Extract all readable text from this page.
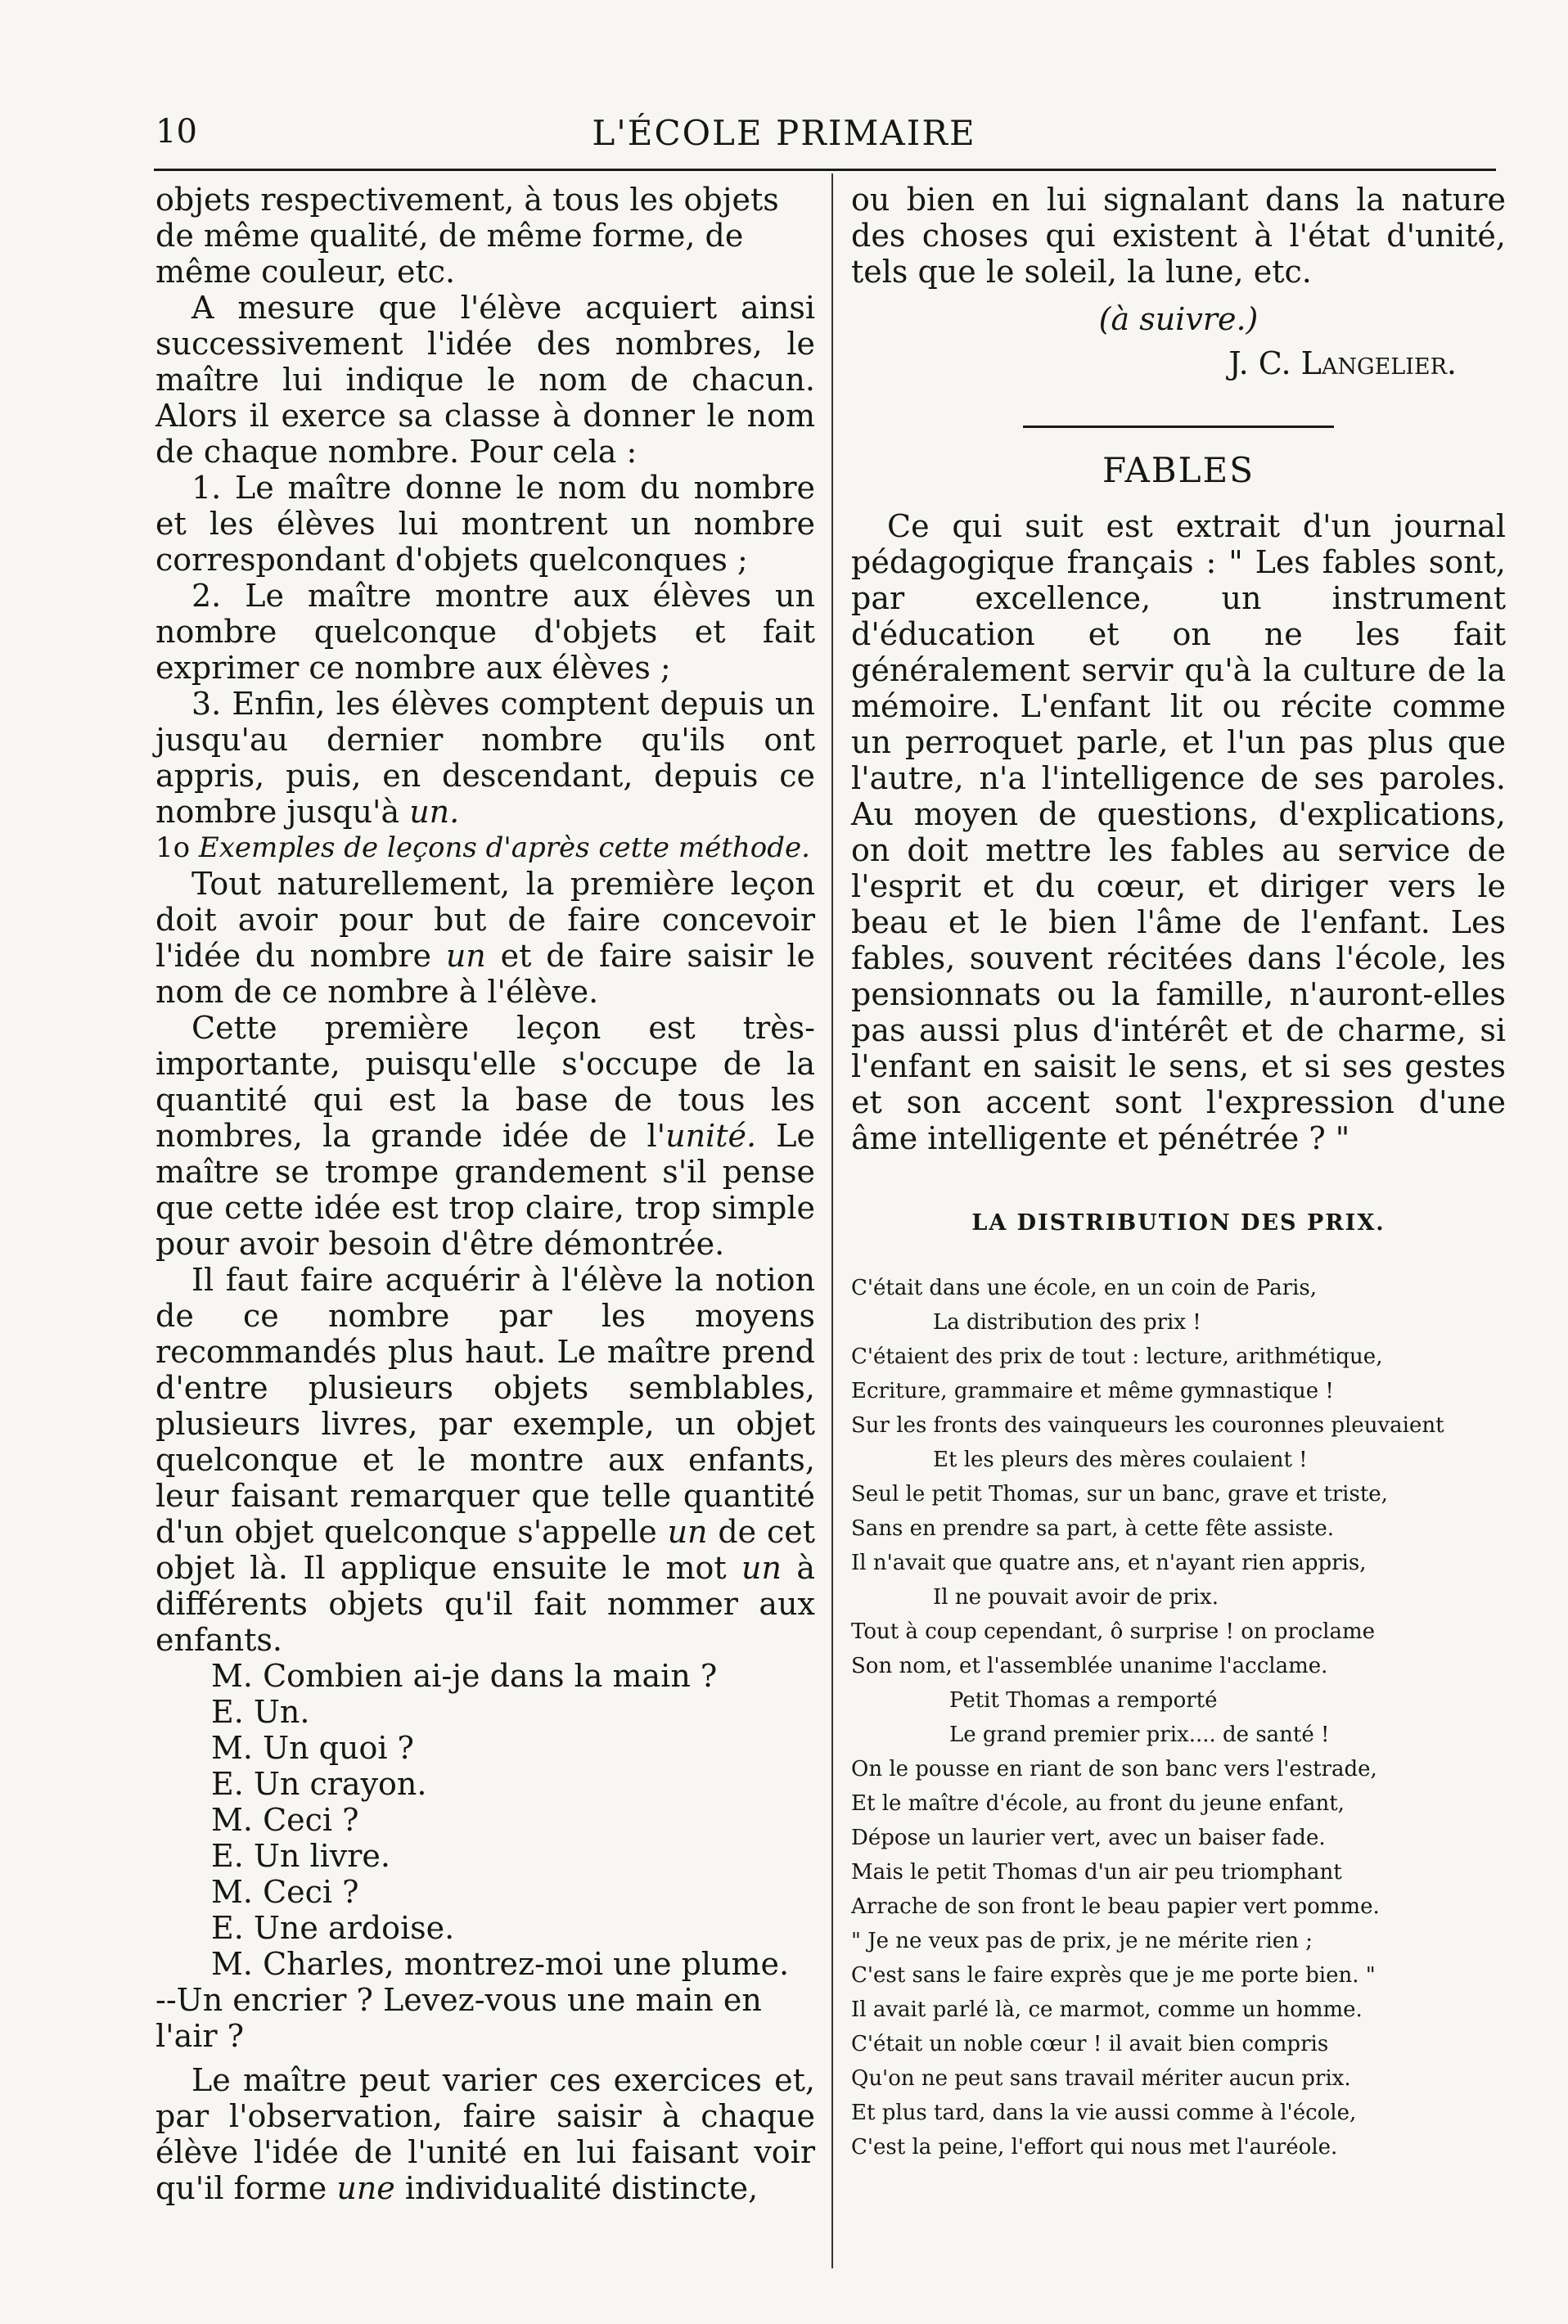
10	L'ÉCOLE PRIMAIRE

objets respectivement, à tous les objets de même qualité, de même forme, de même couleur, etc.

A mesure que l'élève acquiert ainsi successivement l'idée des nombres, le maître lui indique le nom de chacun. Alors il exerce sa classe à donner le nom de chaque nombre. Pour cela :

1. Le maître donne le nom du nombre et les élèves lui montrent un nombre correspondant d'objets quelconques ;

2. Le maître montre aux élèves un nombre quelconque d'objets et fait exprimer ce nombre aux élèves ;

3. Enfin, les élèves comptent depuis un jusqu'au dernier nombre qu'ils ont appris, puis, en descendant, depuis ce nombre jusqu'à un.

1o Exemples de leçons d'après cette méthode.

Tout naturellement, la première leçon doit avoir pour but de faire concevoir l'idée du nombre un et de faire saisir le nom de ce nombre à l'élève.

Cette première leçon est très-importante, puisqu'elle s'occupe de la quantité qui est la base de tous les nombres, la grande idée de l'unité. Le maître se trompe grandement s'il pense que cette idée est trop claire, trop simple pour avoir besoin d'être démontrée.

Il faut faire acquérir à l'élève la notion de ce nombre par les moyens recommandés plus haut. Le maître prend d'entre plusieurs objets semblables, plusieurs livres, par exemple, un objet quelconque et le montre aux enfants, leur faisant remarquer que telle quantité d'un objet quelconque s'appelle un de cet objet là. Il applique ensuite le mot un à différents objets qu'il fait nommer aux enfants.

M. Combien ai-je dans la main ?

E. Un.

M. Un quoi ?

E. Un crayon.

M. Ceci ?

E. Un livre.

M. Ceci ?

E. Une ardoise.

M. Charles, montrez-moi une plume.

--Un encrier ? Levez-vous une main en l'air ?

Le maître peut varier ces exercices et, par l'observation, faire saisir à chaque élève l'idée de l'unité en lui faisant voir qu'il forme une individualité distincte,

ou bien en lui signalant dans la nature des choses qui existent à l'état d'unité, tels que le soleil, la lune, etc.

(à suivre.)

J. C. Langelier.

FABLES

Ce qui suit est extrait d'un journal pédagogique français : " Les fables sont, par excellence, un instrument d'éducation et on ne les fait généralement servir qu'à la culture de la mémoire. L'enfant lit ou récite comme un perroquet parle, et l'un pas plus que l'autre, n'a l'intelligence de ses paroles. Au moyen de questions, d'explications, on doit mettre les fables au service de l'esprit et du cœur, et diriger vers le beau et le bien l'âme de l'enfant. Les fables, souvent récitées dans l'école, les pensionnats ou la famille, n'auront-elles pas aussi plus d'intérêt et de charme, si l'enfant en saisit le sens, et si ses gestes et son accent sont l'expression d'une âme intelligente et pénétrée ? "

LA DISTRIBUTION DES PRIX.
C'était dans une école, en un coin de Paris,
La distribution des prix !
C'étaient des prix de tout : lecture, arithmétique,
Ecriture, grammaire et même gymnastique !
Sur les fronts des vainqueurs les couronnes pleuvaient
Et les pleurs des mères coulaient !
Seul le petit Thomas, sur un banc, grave et triste,
Sans en prendre sa part, à cette fête assiste.
Il n'avait que quatre ans, et n'ayant rien appris,
Il ne pouvait avoir de prix.
Tout à coup cependant, ô surprise ! on proclame
Son nom, et l'assemblée unanime l'acclame.
Petit Thomas a remporté
Le grand premier prix.... de santé !
On le pousse en riant de son banc vers l'estrade,
Et le maître d'école, au front du jeune enfant,
Dépose un laurier vert, avec un baiser fade.
Mais le petit Thomas d'un air peu triomphant
Arrache de son front le beau papier vert pomme.
" Je ne veux pas de prix, je ne mérite rien ;
C'est sans le faire exprès que je me porte bien. "
Il avait parlé là, ce marmot, comme un homme.
C'était un noble cœur ! il avait bien compris
Qu'on ne peut sans travail mériter aucun prix.
Et plus tard, dans la vie aussi comme à l'école,
C'est la peine, l'effort qui nous met l'auréole.
